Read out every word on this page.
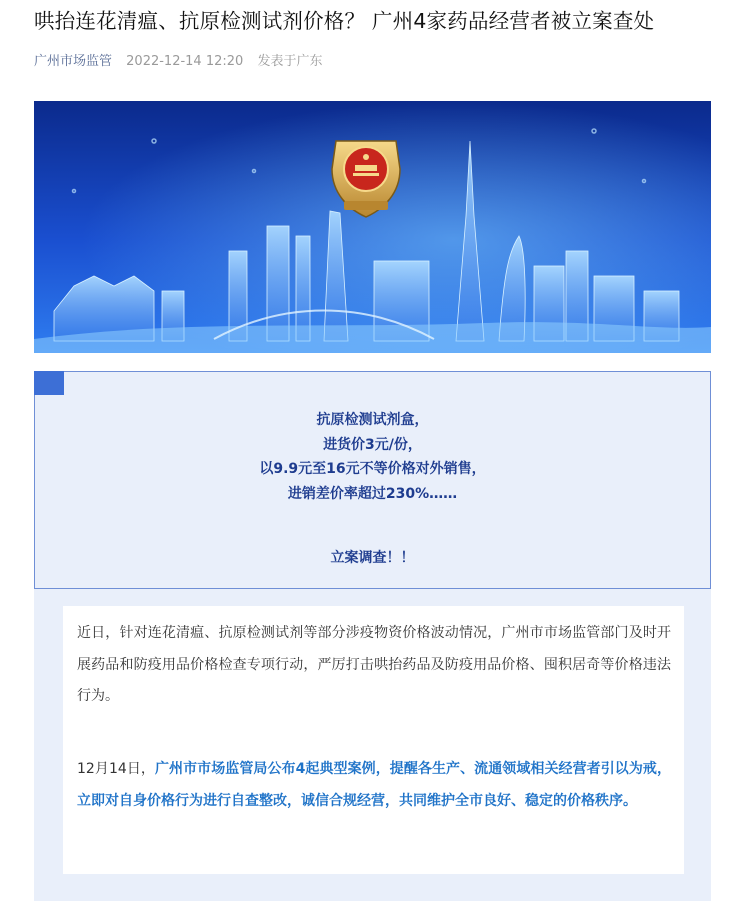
哄抬连花清瘟、抗原检测试剂价格？ 广州4家药品经营者被立案查处
广州市场监管 2022-12-14 12:20 发表于广东
抗原检测试剂盒，
进货价3元/份，
以9.9元至16元不等价格对外销售，
进销差价率超过230%……
立案调查！！
近日，针对连花清瘟、抗原检测试剂等部分涉疫物资价格波动情况，广州市市场监管部门及时开展药品和防疫用品价格检查专项行动，严厉打击哄抬药品及防疫用品价格、囤积居奇等价格违法行为。
12月14日，广州市市场监管局公布4起典型案例，提醒各生产、流通领域相关经营者引以为戒，立即对自身价格行为进行自查整改，诚信合规经营，共同维护全市良好、稳定的价格秩序。
